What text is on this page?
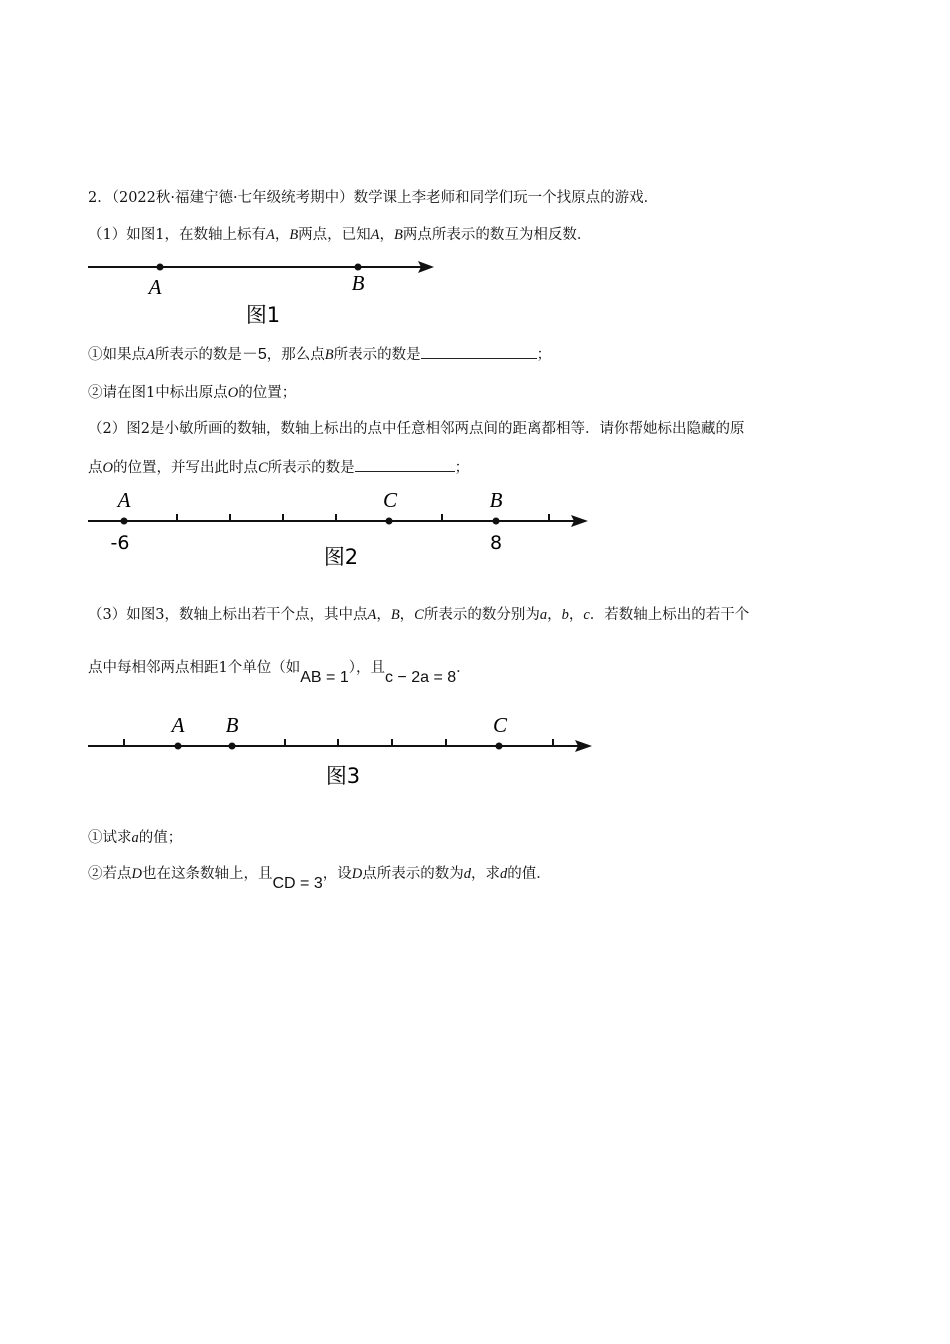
2．（2022秋·福建宁德·七年级统考期中）数学课上李老师和同学们玩一个找原点的游戏．
（1）如图1，在数轴上标有A，B两点，已知A，B两点所表示的数互为相反数．
A	B
图1
①如果点A所表示的数是－5，那么点B所表示的数是	；
②请在图1中标出原点O的位置；
（2）图2是小敏所画的数轴，数轴上标出的点中任意相邻两点间的距离都相等．请你帮她标出隐藏的原
点O的位置，并写出此时点C所表示的数是	；
A	C	B
-6	8
图2
（3）如图3，数轴上标出若干个点，其中点A，B，C所表示的数分别为a，b，c．若数轴上标出的若干个
点中每相邻两点相距1个单位（如AB = 1），且c − 2a = 8．
A B	C
图3
①试求a的值；
②若点D也在这条数轴上，且CD = 3，设D点所表示的数为d，求d的值．
